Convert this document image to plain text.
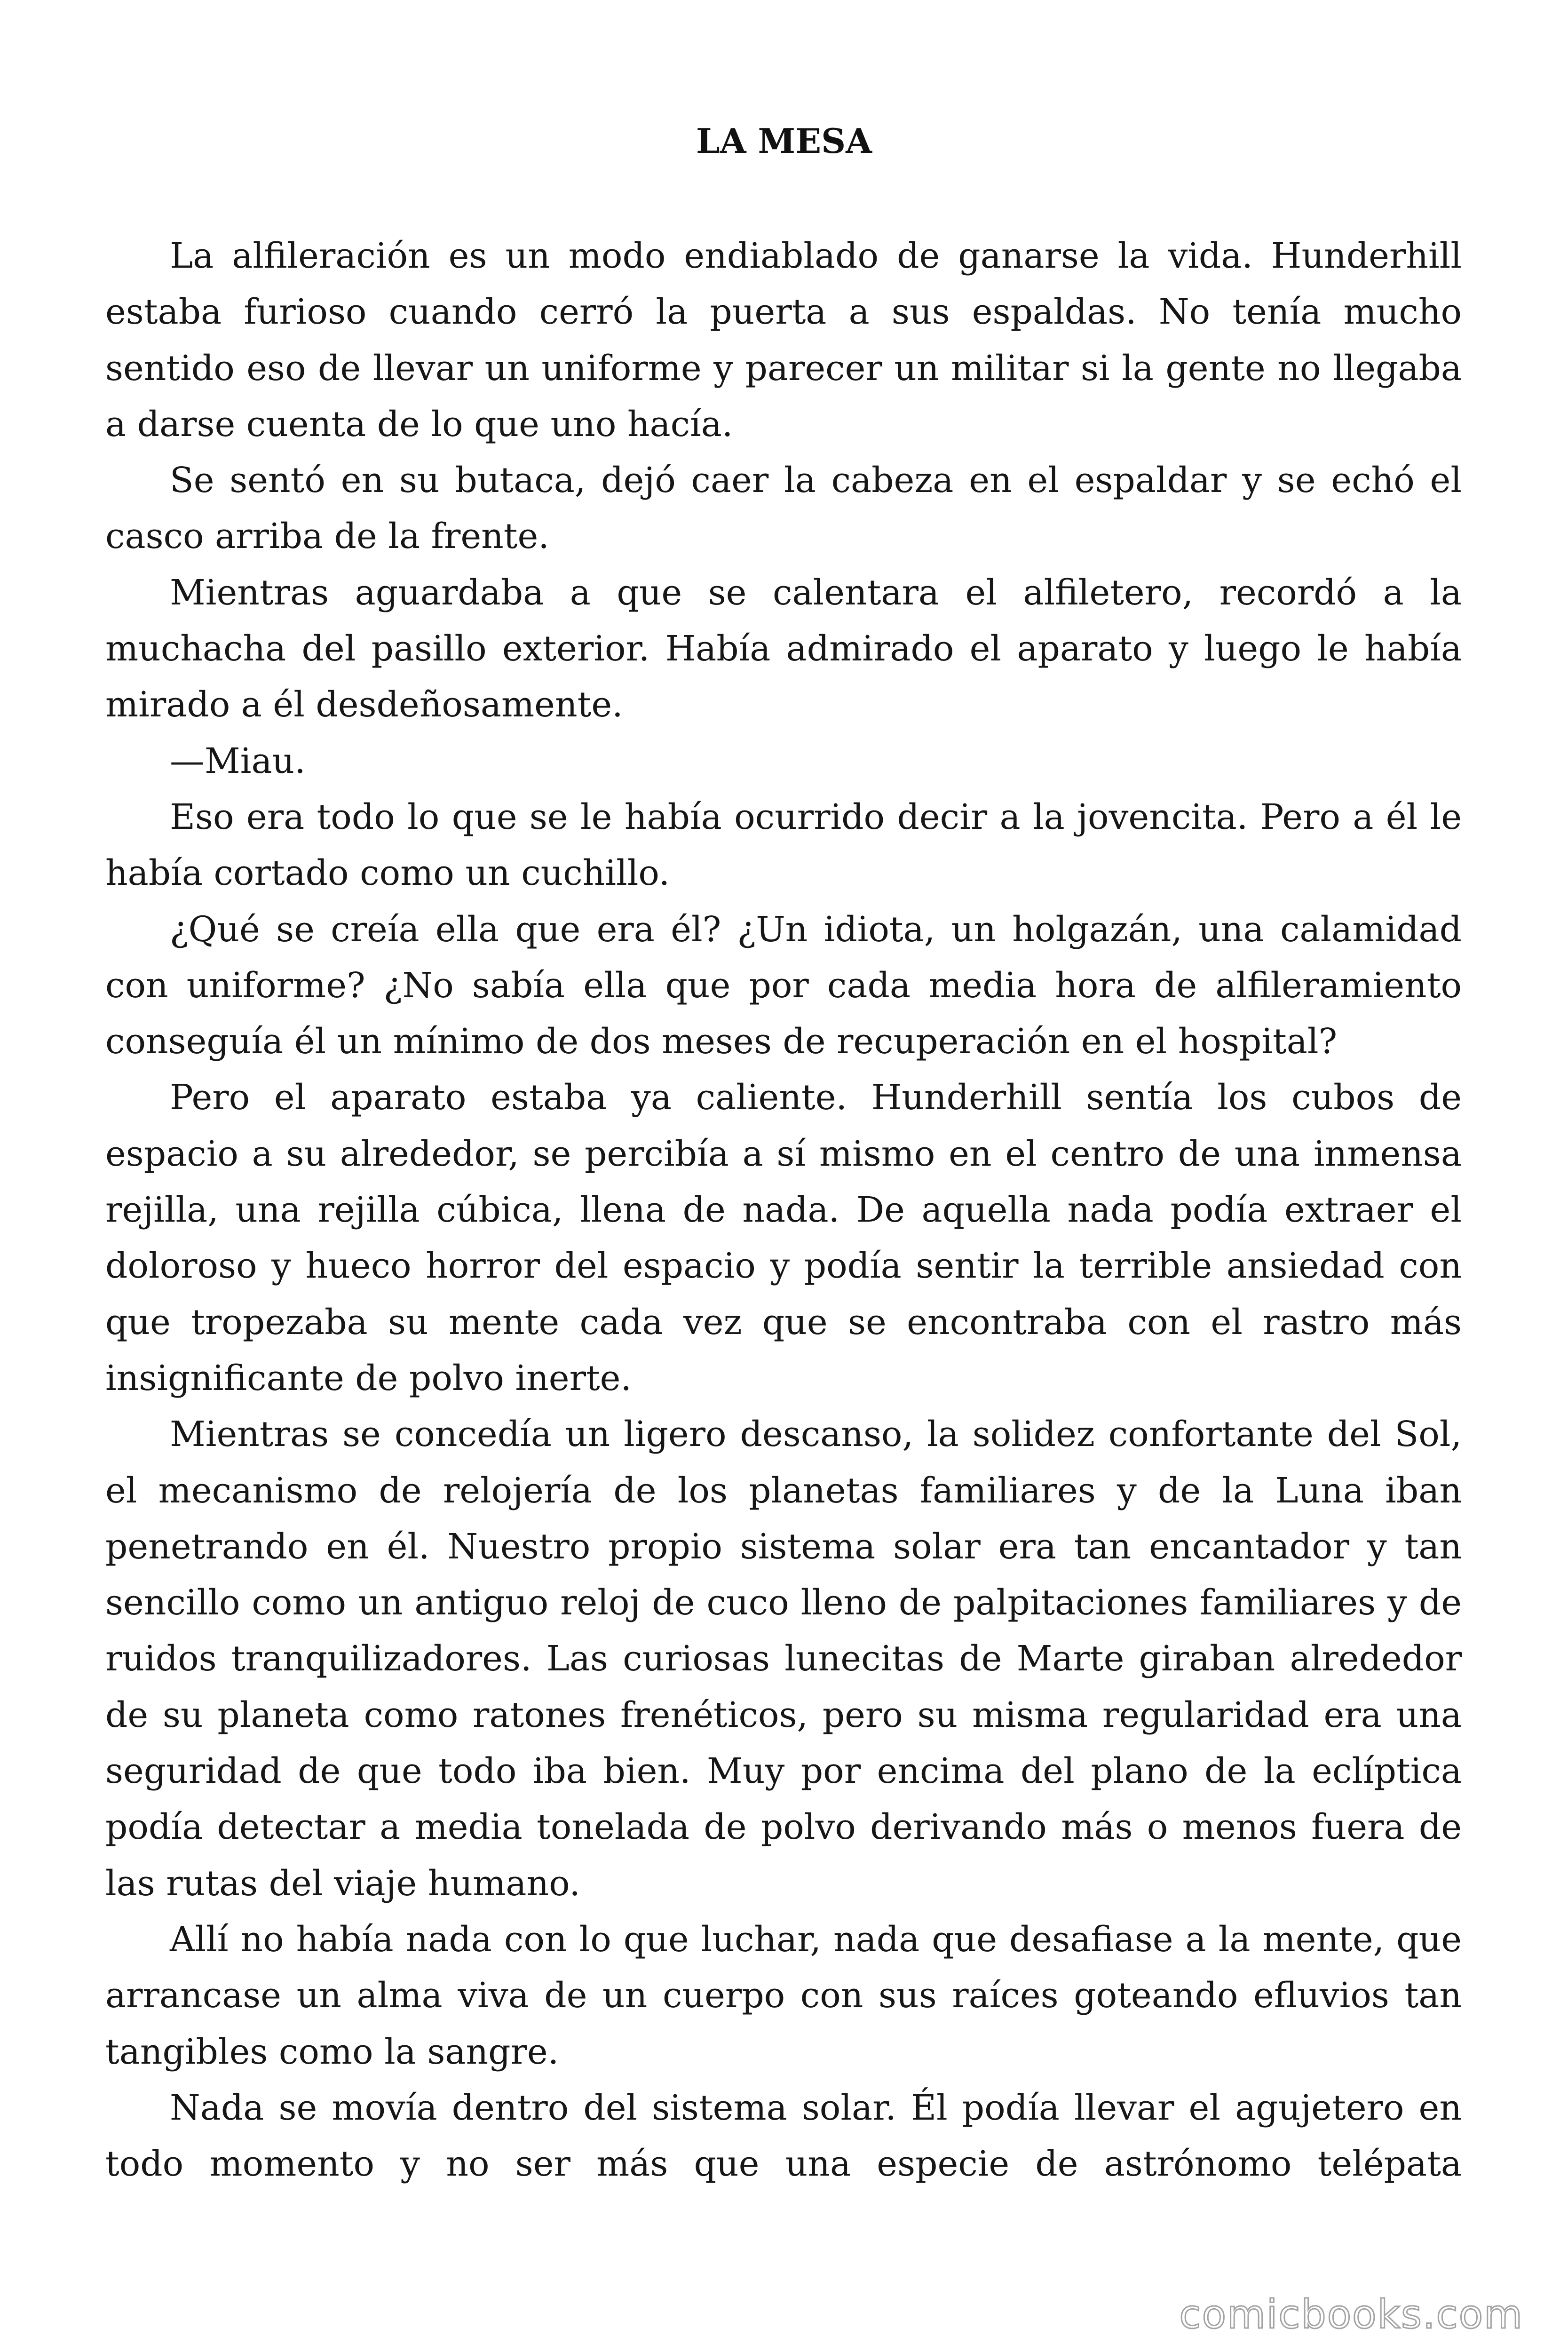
LA MESA

La alfileración es un modo endiablado de ganarse la vida. Hunderhill estaba furioso cuando cerró la puerta a sus espaldas. No tenía mucho sentido eso de llevar un uniforme y parecer un militar si la gente no llegaba a darse cuenta de lo que uno hacía.

Se sentó en su butaca, dejó caer la cabeza en el espaldar y se echó el casco arriba de la frente.

Mientras aguardaba a que se calentara el alfiletero, recordó a la muchacha del pasillo exterior. Había admirado el aparato y luego le había mirado a él desdeñosamente.

—Miau.

Eso era todo lo que se le había ocurrido decir a la jovencita. Pero a él le había cortado como un cuchillo.

¿Qué se creía ella que era él? ¿Un idiota, un holgazán, una calamidad con uniforme? ¿No sabía ella que por cada media hora de alfileramiento conseguía él un mínimo de dos meses de recuperación en el hospital?

Pero el aparato estaba ya caliente. Hunderhill sentía los cubos de espacio a su alrededor, se percibía a sí mismo en el centro de una inmensa rejilla, una rejilla cúbica, llena de nada. De aquella nada podía extraer el doloroso y hueco horror del espacio y podía sentir la terrible ansiedad con que tropezaba su mente cada vez que se encontraba con el rastro más insignificante de polvo inerte.

Mientras se concedía un ligero descanso, la solidez confortante del Sol, el mecanismo de relojería de los planetas familiares y de la Luna iban penetrando en él. Nuestro propio sistema solar era tan encantador y tan sencillo como un antiguo reloj de cuco lleno de palpitaciones familiares y de ruidos tranquilizadores. Las curiosas lunecitas de Marte giraban alrededor de su planeta como ratones frenéticos, pero su misma regularidad era una seguridad de que todo iba bien. Muy por encima del plano de la eclíptica podía detectar a media tonelada de polvo derivando más o menos fuera de las rutas del viaje humano.

Allí no había nada con lo que luchar, nada que desafiase a la mente, que arrancase un alma viva de un cuerpo con sus raíces goteando efluvios tan tangibles como la sangre.

Nada se movía dentro del sistema solar. Él podía llevar el agujetero en todo momento y no ser más que una especie de astrónomo telépata

comicbooks.com
